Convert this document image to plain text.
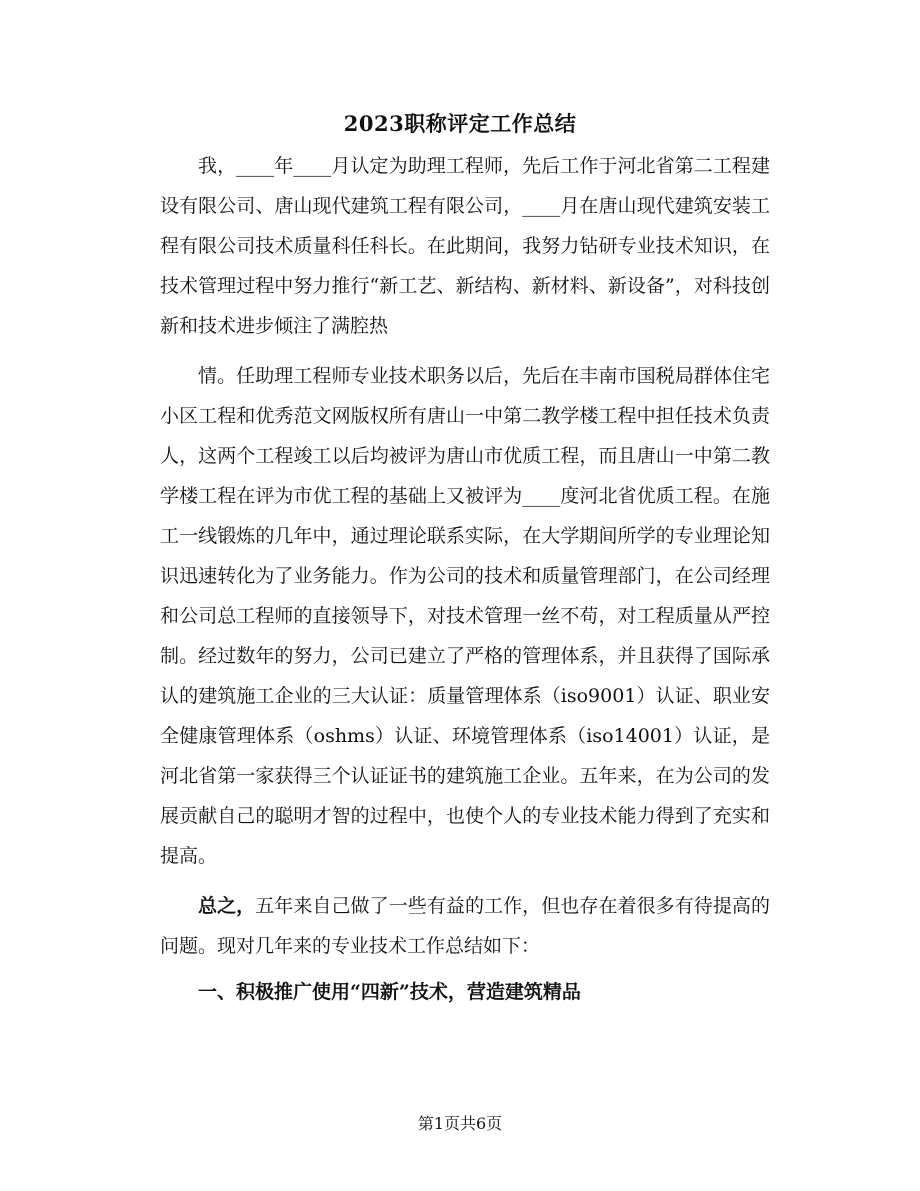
2023职称评定工作总结

我，____年____月认定为助理工程师，先后工作于河北省第二工程建设有限公司、唐山现代建筑工程有限公司，____月在唐山现代建筑安装工程有限公司技术质量科任科长。在此期间，我努力钻研专业技术知识，在技术管理过程中努力推行“新工艺、新结构、新材料、新设备”，对科技创新和技术进步倾注了满腔热

情。任助理工程师专业技术职务以后，先后在丰南市国税局群体住宅小区工程和优秀范文网版权所有唐山一中第二教学楼工程中担任技术负责人，这两个工程竣工以后均被评为唐山市优质工程，而且唐山一中第二教学楼工程在评为市优工程的基础上又被评为____度河北省优质工程。在施工一线锻炼的几年中，通过理论联系实际，在大学期间所学的专业理论知识迅速转化为了业务能力。作为公司的技术和质量管理部门，在公司经理和公司总工程师的直接领导下，对技术管理一丝不苟，对工程质量从严控制。经过数年的努力，公司已建立了严格的管理体系，并且获得了国际承认的建筑施工企业的三大认证：质量管理体系（iso9001）认证、职业安全健康管理体系（oshms）认证、环境管理体系（iso14001）认证，是河北省第一家获得三个认证证书的建筑施工企业。五年来，在为公司的发展贡献自己的聪明才智的过程中，也使个人的专业技术能力得到了充实和提高。

总之，五年来自己做了一些有益的工作，但也存在着很多有待提高的问题。现对几年来的专业技术工作总结如下：

一、积极推广使用“四新”技术，营造建筑精品

第1页共6页
